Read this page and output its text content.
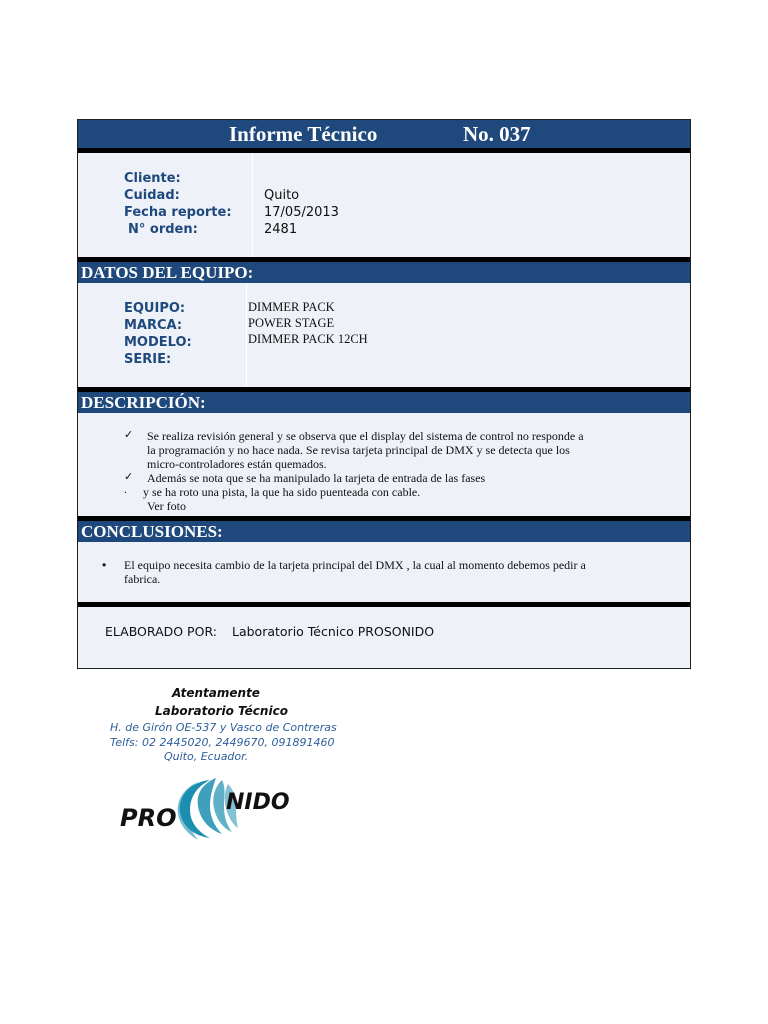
Informe Técnico	No. 037
Cliente:
Cuidad:
Fecha reporte:
N° orden:
Quito
17/05/2013
2481
DATOS DEL EQUIPO:
EQUIPO:
MARCA:
MODELO:
SERIE:
DIMMER PACK
POWER STAGE
DIMMER PACK 12CH
DESCRIPCIÓN:
✓ Se realiza revisión general y se observa que el display del sistema de control no responde a
la programación y no hace nada. Se revisa tarjeta principal de DMX y se detecta que los
micro-controladores están quemados.
✓ Además se nota que se ha manipulado la tarjeta de entrada de las fases
. y se ha roto una pista, la que ha sido puenteada con cable.
Ver foto
CONCLUSIONES:
• El equipo necesita cambio de la tarjeta principal del DMX , la cual al momento debemos pedir a
fabrica.
ELABORADO POR: Laboratorio Técnico PROSONIDO
Atentamente
Laboratorio Técnico
H. de Girón OE-537 y Vasco de Contreras
Telfs: 02 2445020, 2449670, 091891460
Quito, Ecuador.
PRO
NIDO
